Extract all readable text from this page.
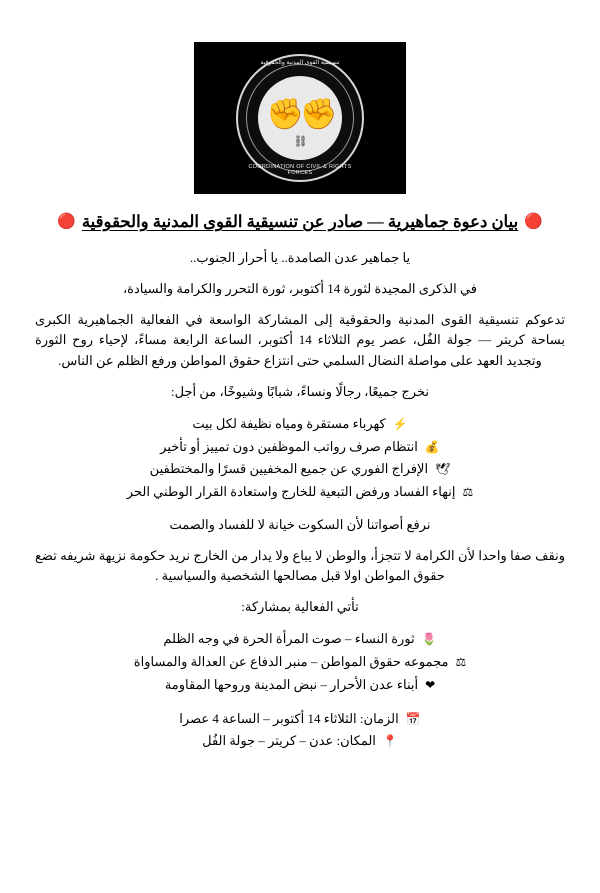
تنسيقية القوى المدنية والحقوقية
✊✊
⛓
COORDINATION OF CIVIL & RIGHTS FORCES
🔴
بيان دعوة جماهيرية — صادر عن تنسيقية القوى المدنية والحقوقية
🔴

يا جماهير عدن الصامدة.. يا أحرار الجنوب..

في الذكرى المجيدة لثورة 14 أكتوبر، ثورة التحرر والكرامة والسيادة،

تدعوكم تنسيقية القوى المدنية والحقوقية إلى المشاركة الواسعة في الفعالية الجماهيرية الكبرى بساحة كريتر — جولة الفُل، عصر يوم الثلاثاء 14 أكتوبر، الساعة الرابعة مساءً، لإحياء روح الثورة وتجديد العهد على مواصلة النضال السلمي حتى انتزاع حقوق المواطن ورفع الظلم عن الناس.

نخرج جميعًا، رجالًا ونساءً، شبابًا وشيوخًا، من أجل:

⚡
كهرباء مستقرة ومياه نظيفة لكل بيت
💰
انتظام صرف رواتب الموظفين دون تمييز أو تأخير
🕊
الإفراج الفوري عن جميع المخفيين قسرًا والمختطفين
⚖
إنهاء الفساد ورفض التبعية للخارج واستعادة القرار الوطني الحر

نرفع أصواتنا لأن السكوت خيانة لا للفساد والصمت

ونقف صفا واحدا لأن الكرامة لا تتجزأ، والوطن لا يباع ولا يدار من الخارج نريد حكومة نزيهة شريفه تضع حقوق المواطن اولا قبل مصالحها الشخصية والسياسية .

تأتي الفعالية بمشاركة:

🌷
ثورة النساء – صوت المرأة الحرة في وجه الظلم
⚖
مجموعه حقوق المواطن – منبر الدفاع عن العدالة والمساواة
❤
أبناء عدن الأحرار – نبض المدينة وروحها المقاومة
📅
الزمان: الثلاثاء 14 أكتوبر – الساعة 4 عصرا
📍
المكان: عدن – كريتر – جولة الفُل
